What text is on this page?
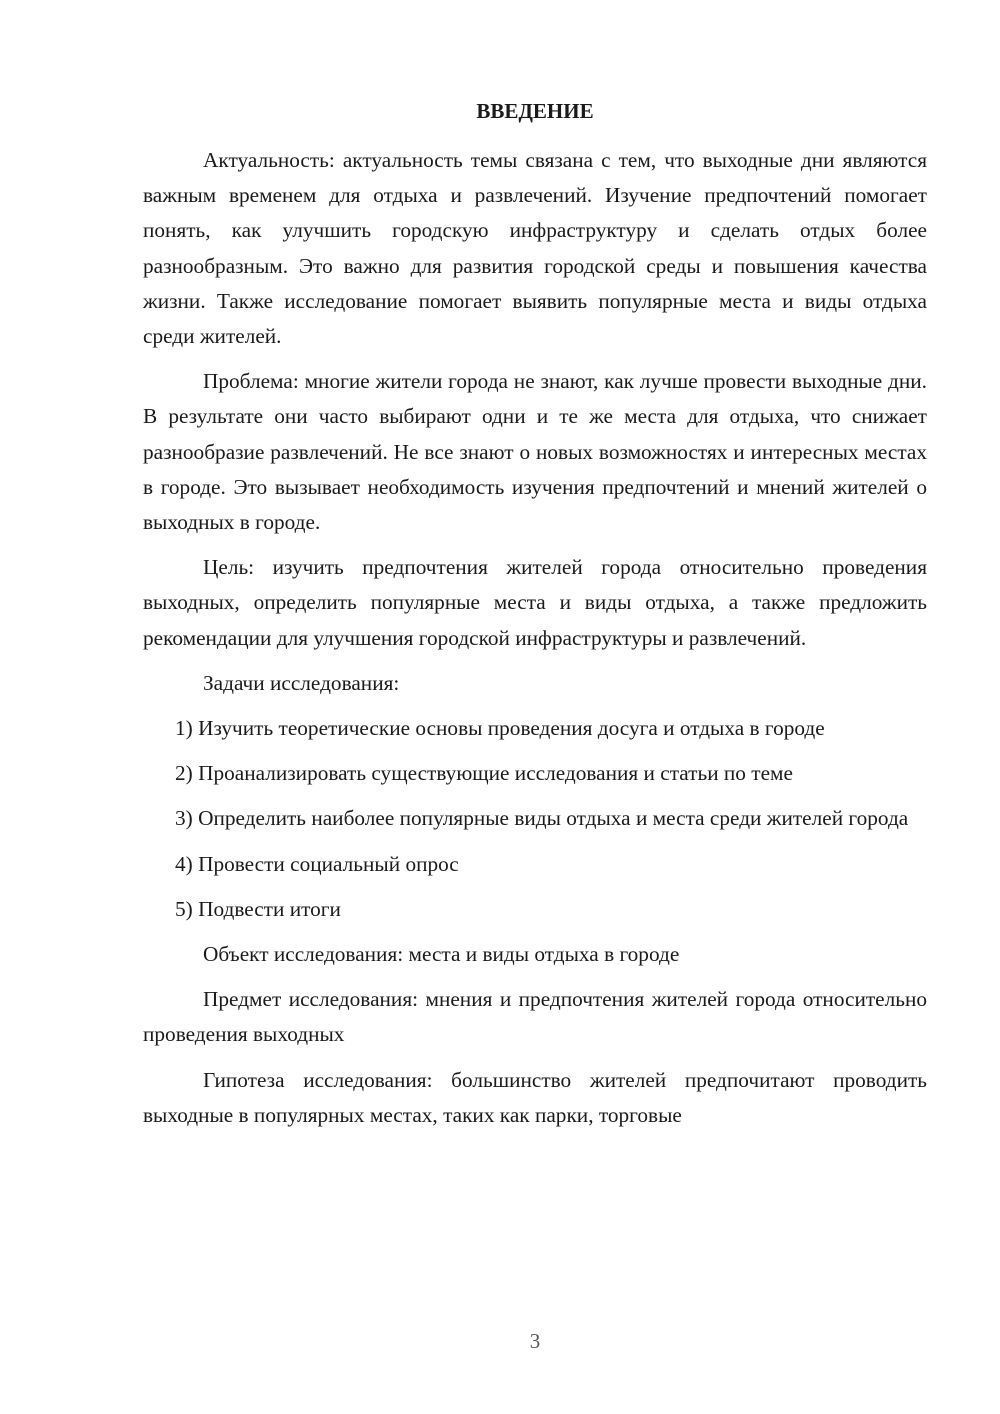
ВВЕДЕНИЕ

Актуальность: актуальность темы связана с тем, что выходные дни являются важным временем для отдыха и развлечений. Изучение предпочтений помогает понять, как улучшить городскую инфраструктуру и сделать отдых более разнообразным. Это важно для развития городской среды и повышения качества жизни. Также исследование помогает выявить популярные места и виды отдыха среди жителей.

Проблема: многие жители города не знают, как лучше провести выходные дни. В результате они часто выбирают одни и те же места для отдыха, что снижает разнообразие развлечений. Не все знают о новых возможностях и интересных местах в городе. Это вызывает необходимость изучения предпочтений и мнений жителей о выходных в городе.

Цель: изучить предпочтения жителей города относительно проведения выходных, определить популярные места и виды отдыха, а также предложить рекомендации для улучшения городской инфраструктуры и развлечений.

Задачи исследования:

1) Изучить теоретические основы проведения досуга и отдыха в городе

2) Проанализировать существующие исследования и статьи по теме

3) Определить наиболее популярные виды отдыха и места среди жителей города

4) Провести социальный опрос

5) Подвести итоги

Объект исследования: места и виды отдыха в городе

Предмет исследования: мнения и предпочтения жителей города относительно проведения выходных

Гипотеза исследования: большинство жителей предпочитают проводить выходные в популярных местах, таких как парки, торговые

3
